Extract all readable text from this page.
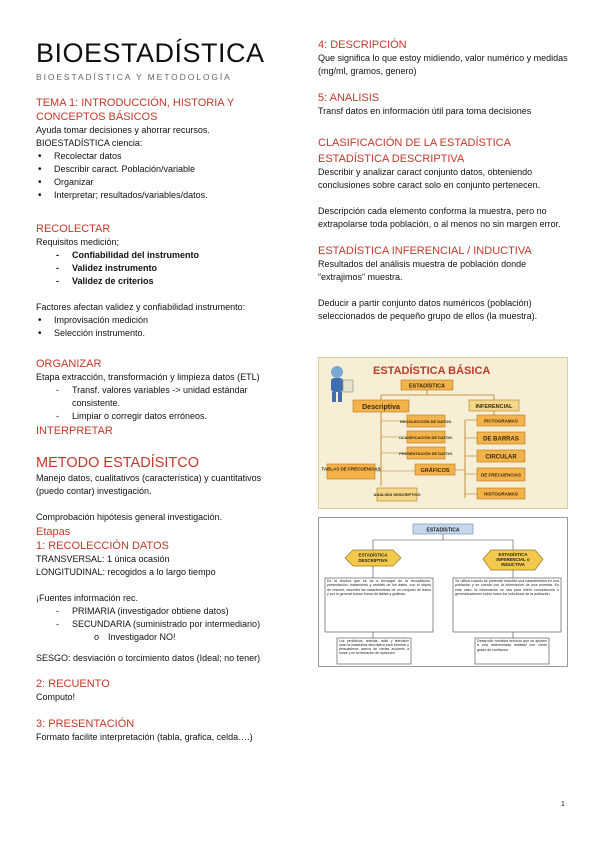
BIOESTADÍSTICA
BIOESTADÍSTICA Y METODOLOGÍA
TEMA 1: INTRODUCCIÓN, HISTORIA Y CONCEPTOS BÁSICOS
Ayuda tomar decisiones y ahorrar recursos.
BIOESTADÍSTICA ciencia:
• Recolectar datos
• Describir caract. Población/variable
• Organizar
• Interpretar; resultados/variables/datos.
RECOLECTAR
Requisitos medición;
- Confiabilidad del instrumento
- Validez instrumento
- Validez de criterios
Factores afectan validez y confiabilidad instrumento:
• Improvisación medición
• Selección instrumento.
ORGANIZAR
Etapa extracción, transformación y limpieza datos (ETL)
- Transf. valores variables -> unidad estándar consistente.
- Limpiar o corregir datos erróneos.
INTERPRETAR
METODO ESTADÍSITCO
Manejo datos, cualitativos (característica) y cuantitativos (puedo contar) investigación.
Comprobación hipótesis general investigación.
Etapas
1: RECOLECCIÓN DATOS
TRANSVERSAL: 1 única ocasión
LONGITUDINAL: recogidos a lo largo tiempo
¡Fuentes información rec.
- PRIMARIA (investigador obtiene datos)
- SECUNDARIA (suministrado por intermediario)
o Investigador NO!
SESGO: desviación o torcimiento datos (Ideal; no tener)
2: RECUENTO
Computo!
3: PRESENTACIÓN
Formato facilite interpretación (tabla, grafica, celda….)
4: DESCRIPCIÓN
Que significa lo que estoy midiendo, valor numérico y medidas (mg/ml, gramos, genero)
5: ANALISIS
Transf datos en información útil para toma decisiones
CLASIFICACIÓN DE LA ESTADÍSTICA
ESTADÍSTICA DESCRIPTIVA
Describir y analizar caract conjunto datos, obteniendo conclusiones sobre caract solo en conjunto pertenecen.
Descripción cada elemento conforma la muestra, pero no extrapolarse toda población, o al menos no sin margen error.
ESTADÍSTICA INFERENCIAL / INDUCTIVA
Resultados del análisis muestra de población donde “extrajimos” muestra.
Deducir a partir conjunto datos numéricos (población) seleccionados de pequeño grupo de ellos (la muestra).
ESTADÍSTICA BÁSICA
ESTADÍSTICA
Descriptiva	INFERENCIAL
RECOLECCIÓN DE DATOS.
CLASIFICACIÓN DE DATOS.
PRESENTACIÓN DE DATOS.
TABLAS DE FRECUENCIAS	GRÁFICOS
ANÁLISIS DESCRIPTIVO
PICTOGRAMAS
DE BARRAS
CIRCULAR
DE FRECUENCIAS
HISTOGRAMAS
ESTADÍSTICA
ESTADÍSTICA DESCRIPTIVA
ESTADÍSTICA INFERENCIAL o INDUCTIVA
Es la técnica que se va a encargar de la recopilación, presentación, tratamiento y análisis de los datos, con el objeto de resumir, describir las características de un conjunto de datos y por lo general toman forma de tablas y gráficas.
Se utiliza cuando se pretende estudiar una característica en una población y se cuenta con la información de una muestra. En este caso, la información se usa para inferir conclusiones o generalizaciones sobre todos los individuos de la población.
Los periódicos, revistas, radio y televisión usan la estadística descriptiva para informar y persuadirnos acerca de ciertas acciones a tomar y en la formación de opiniones.
Desarrollo modelos teóricos que se ajusten a una determinada realidad con cierto grado de confianza
1
